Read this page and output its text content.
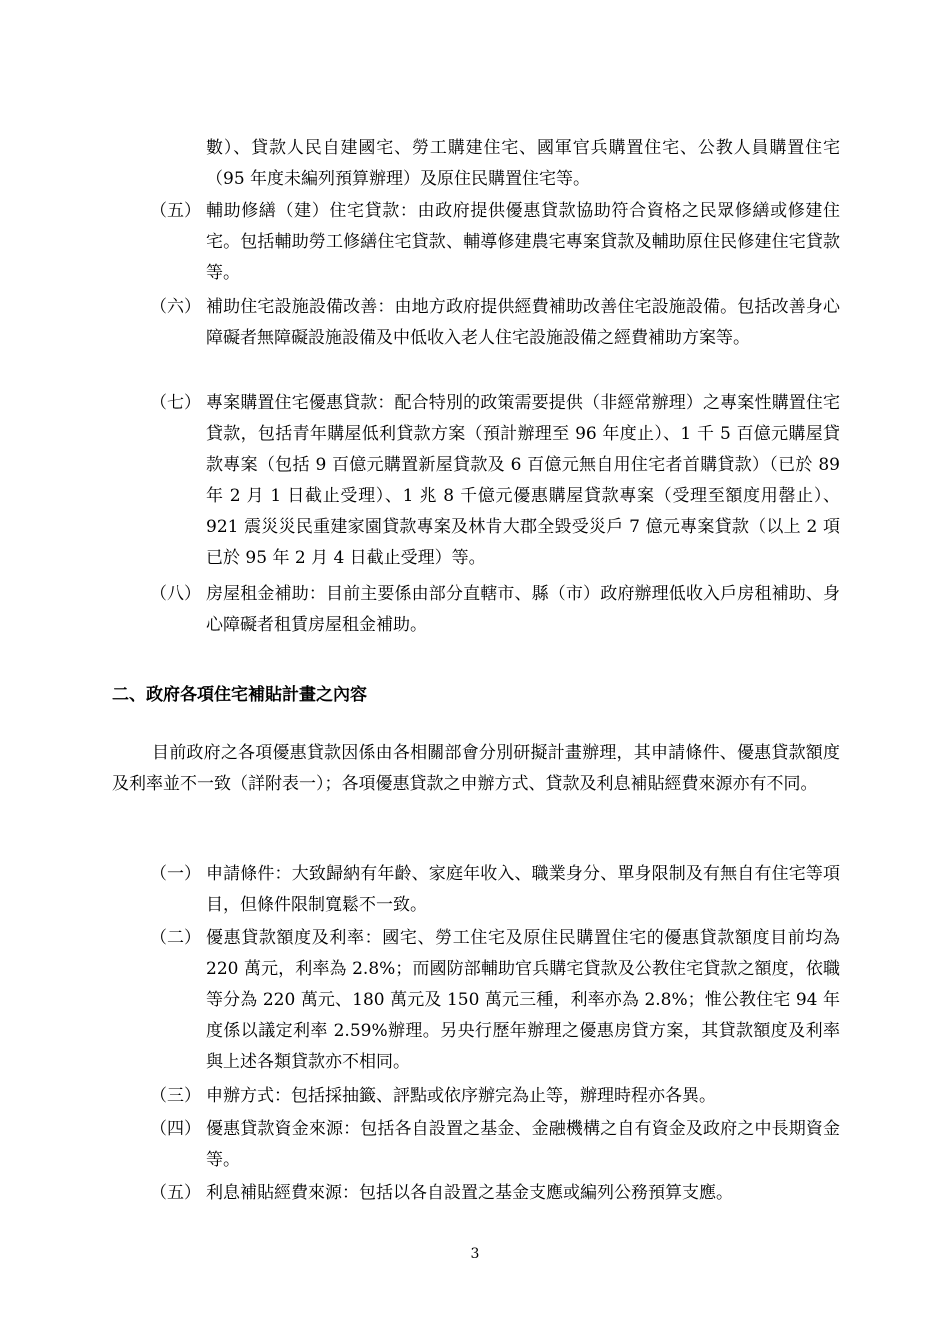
數）、貸款人民自建國宅、勞工購建住宅、國軍官兵購置住宅、公教人員購置住宅（95 年度未編列預算辦理）及原住民購置住宅等。
（五） 輔助修繕（建）住宅貸款：由政府提供優惠貸款協助符合資格之民眾修繕或修建住宅。包括輔助勞工修繕住宅貸款、輔導修建農宅專案貸款及輔助原住民修建住宅貸款等。
（六） 補助住宅設施設備改善：由地方政府提供經費補助改善住宅設施設備。包括改善身心障礙者無障礙設施設備及中低收入老人住宅設施設備之經費補助方案等。
（七） 專案購置住宅優惠貸款：配合特別的政策需要提供（非經常辦理）之專案性購置住宅貸款，包括青年購屋低利貸款方案（預計辦理至 96 年度止）、1 千 5 百億元購屋貸款專案（包括 9 百億元購置新屋貸款及 6 百億元無自用住宅者首購貸款）（已於 89 年 2 月 1 日截止受理）、1 兆 8 千億元優惠購屋貸款專案（受理至額度用罄止）、921 震災災民重建家園貸款專案及林肯大郡全毀受災戶 7 億元專案貸款（以上 2 項已於 95 年 2 月 4 日截止受理）等。
（八） 房屋租金補助：目前主要係由部分直轄市、縣（市）政府辦理低收入戶房租補助、身心障礙者租賃房屋租金補助。
二、政府各項住宅補貼計畫之內容
目前政府之各項優惠貸款因係由各相關部會分別研擬計畫辦理，其申請條件、優惠貸款額度及利率並不一致（詳附表一）；各項優惠貸款之申辦方式、貸款及利息補貼經費來源亦有不同。
（一） 申請條件：大致歸納有年齡、家庭年收入、職業身分、單身限制及有無自有住宅等項目，但條件限制寬鬆不一致。
（二） 優惠貸款額度及利率：國宅、勞工住宅及原住民購置住宅的優惠貸款額度目前均為 220 萬元，利率為 2.8%；而國防部輔助官兵購宅貸款及公教住宅貸款之額度，依職等分為 220 萬元、180 萬元及 150 萬元三種，利率亦為 2.8%；惟公教住宅 94 年度係以議定利率 2.59%辦理。另央行歷年辦理之優惠房貸方案，其貸款額度及利率與上述各類貸款亦不相同。
（三） 申辦方式：包括採抽籤、評點或依序辦完為止等，辦理時程亦各異。
（四） 優惠貸款資金來源：包括各自設置之基金、金融機構之自有資金及政府之中長期資金等。
（五） 利息補貼經費來源：包括以各自設置之基金支應或編列公務預算支應。
3
